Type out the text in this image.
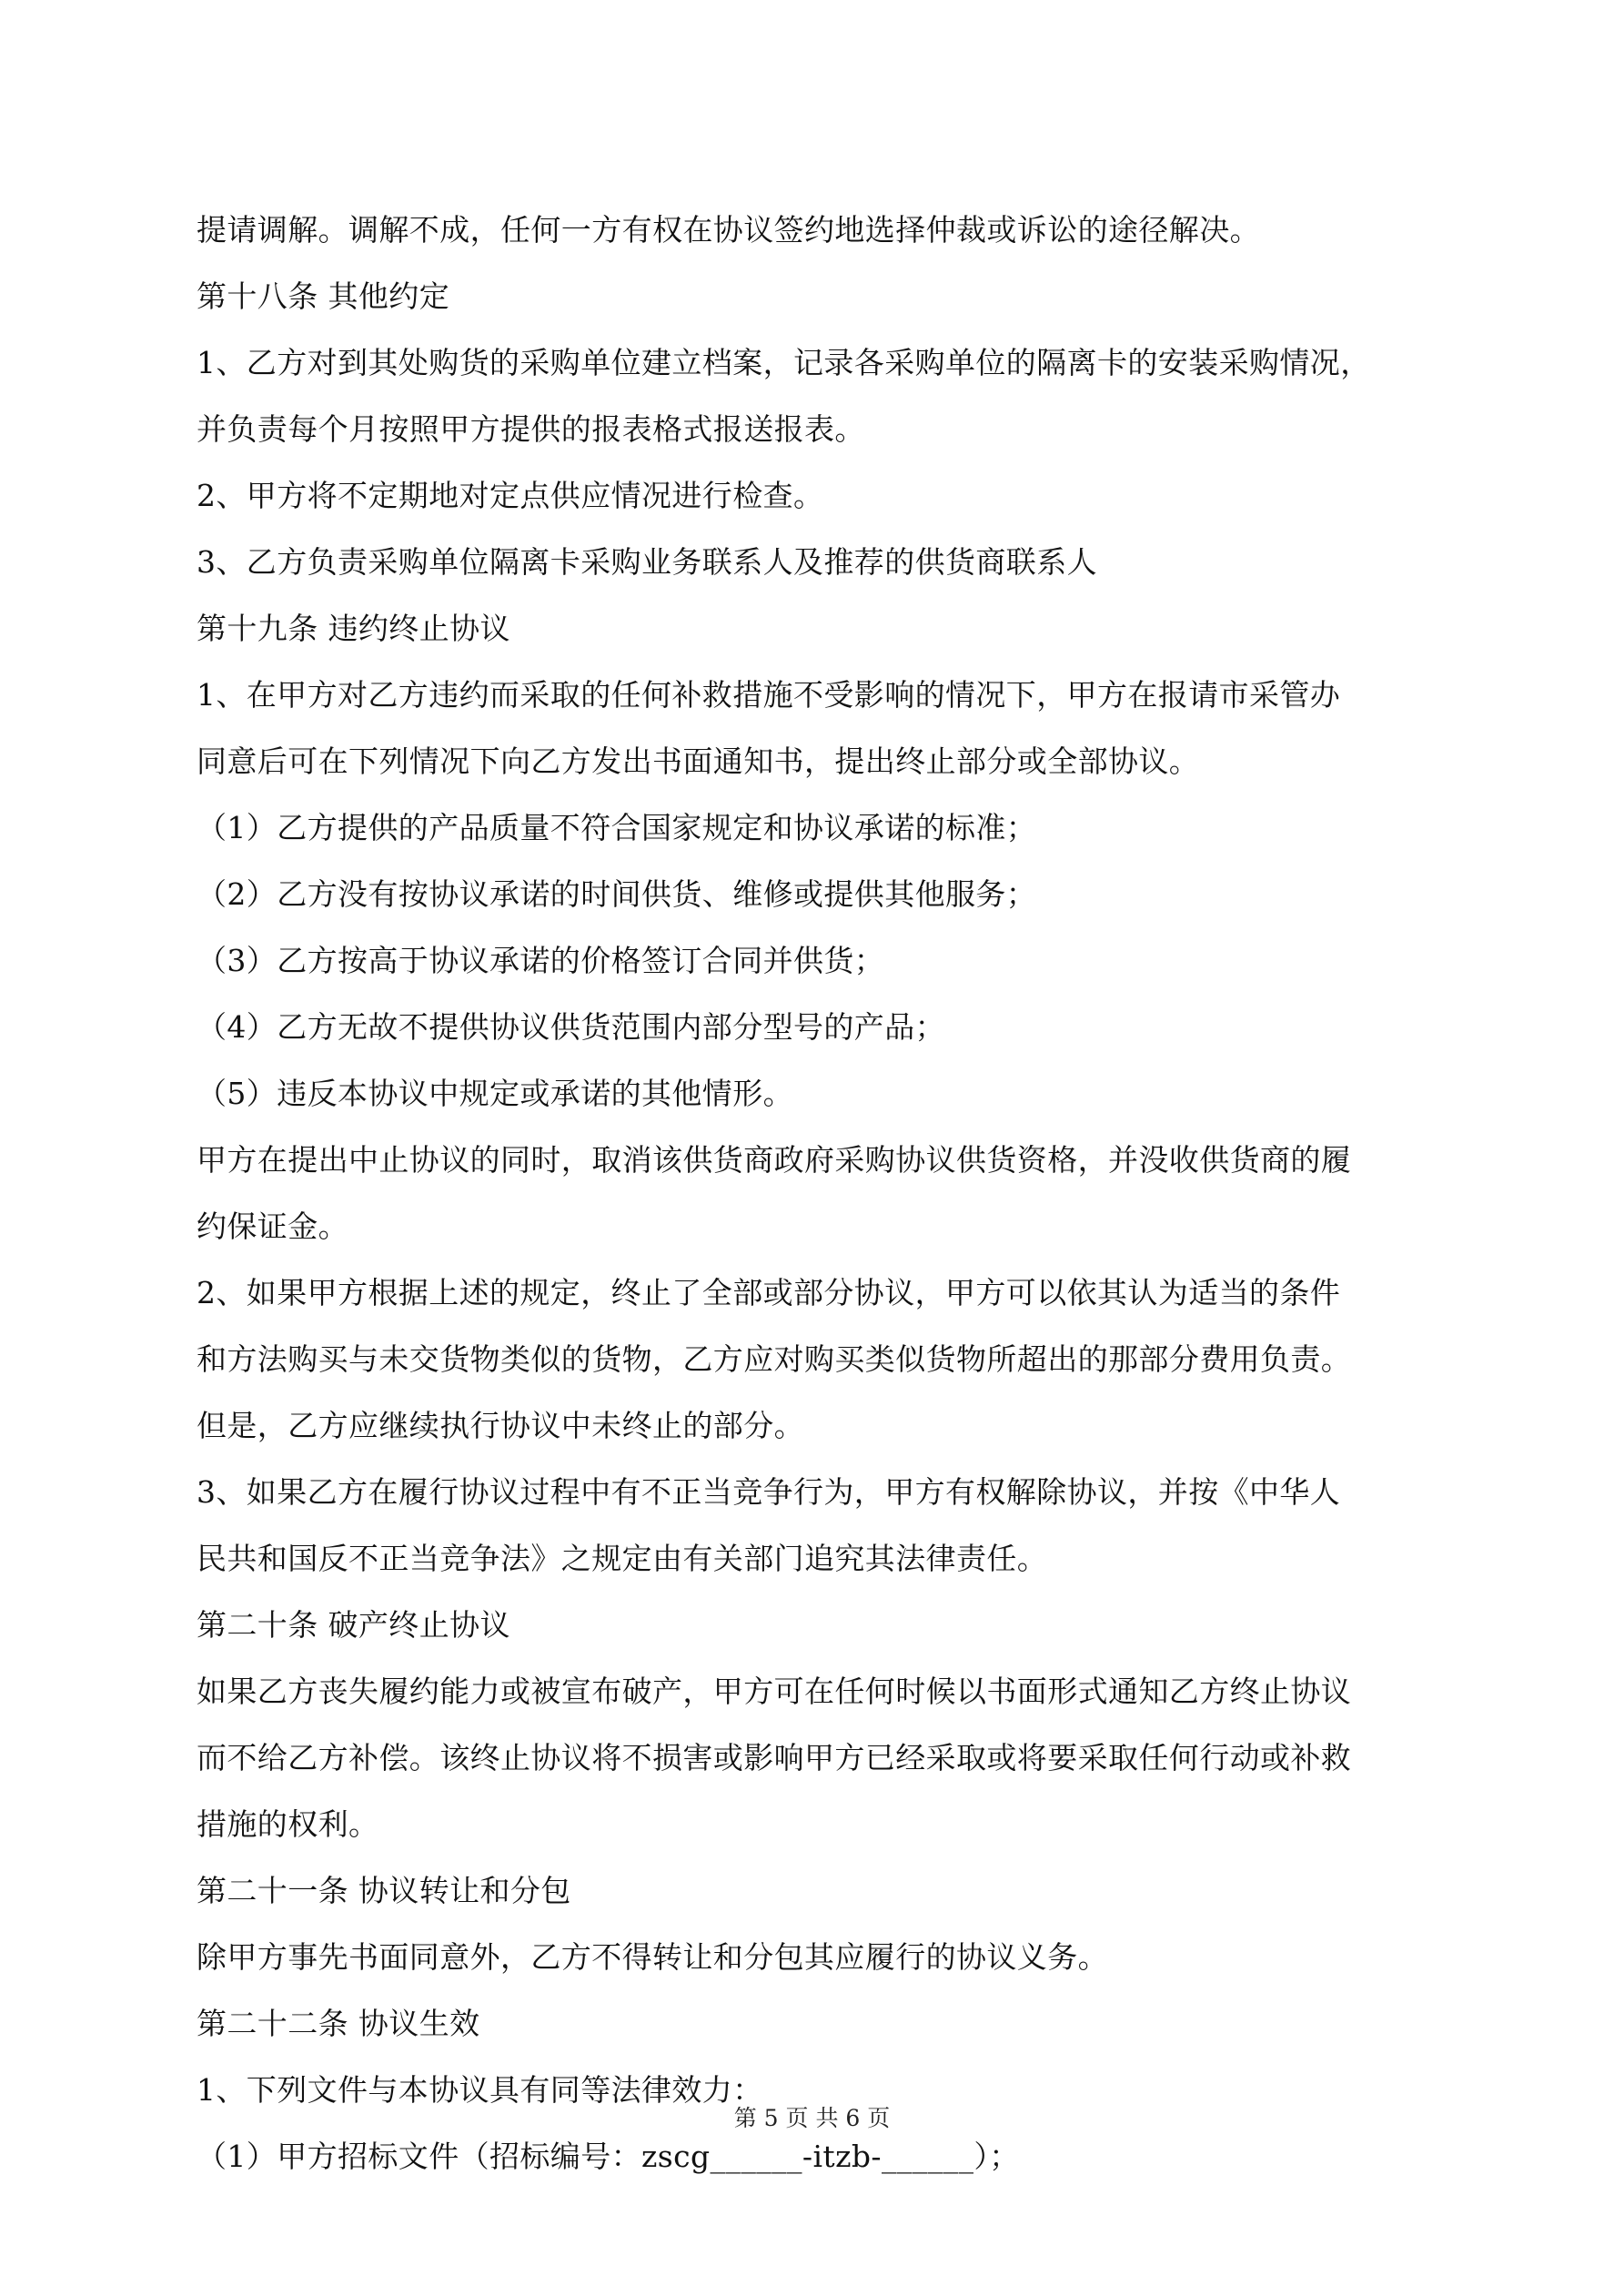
提请调解。调解不成，任何一方有权在协议签约地选择仲裁或诉讼的途径解决。
第十八条 其他约定
1、乙方对到其处购货的采购单位建立档案，记录各采购单位的隔离卡的安装采购情况，
并负责每个月按照甲方提供的报表格式报送报表。
2、甲方将不定期地对定点供应情况进行检查。
3、乙方负责采购单位隔离卡采购业务联系人及推荐的供货商联系人
第十九条 违约终止协议
1、在甲方对乙方违约而采取的任何补救措施不受影响的情况下，甲方在报请市采管办
同意后可在下列情况下向乙方发出书面通知书，提出终止部分或全部协议。
（1）乙方提供的产品质量不符合国家规定和协议承诺的标准；
（2）乙方没有按协议承诺的时间供货、维修或提供其他服务；
（3）乙方按高于协议承诺的价格签订合同并供货；
（4）乙方无故不提供协议供货范围内部分型号的产品；
（5）违反本协议中规定或承诺的其他情形。
甲方在提出中止协议的同时，取消该供货商政府采购协议供货资格，并没收供货商的履
约保证金。
2、如果甲方根据上述的规定，终止了全部或部分协议，甲方可以依其认为适当的条件
和方法购买与未交货物类似的货物，乙方应对购买类似货物所超出的那部分费用负责。
但是，乙方应继续执行协议中未终止的部分。
3、如果乙方在履行协议过程中有不正当竞争行为，甲方有权解除协议，并按《中华人
民共和国反不正当竞争法》之规定由有关部门追究其法律责任。
第二十条 破产终止协议
如果乙方丧失履约能力或被宣布破产，甲方可在任何时候以书面形式通知乙方终止协议
而不给乙方补偿。该终止协议将不损害或影响甲方已经采取或将要采取任何行动或补救
措施的权利。
第二十一条 协议转让和分包
除甲方事先书面同意外，乙方不得转让和分包其应履行的协议义务。
第二十二条 协议生效
1、下列文件与本协议具有同等法律效力：
（1）甲方招标文件（招标编号：zscg______-itzb-______）；
第 5 页 共 6 页
